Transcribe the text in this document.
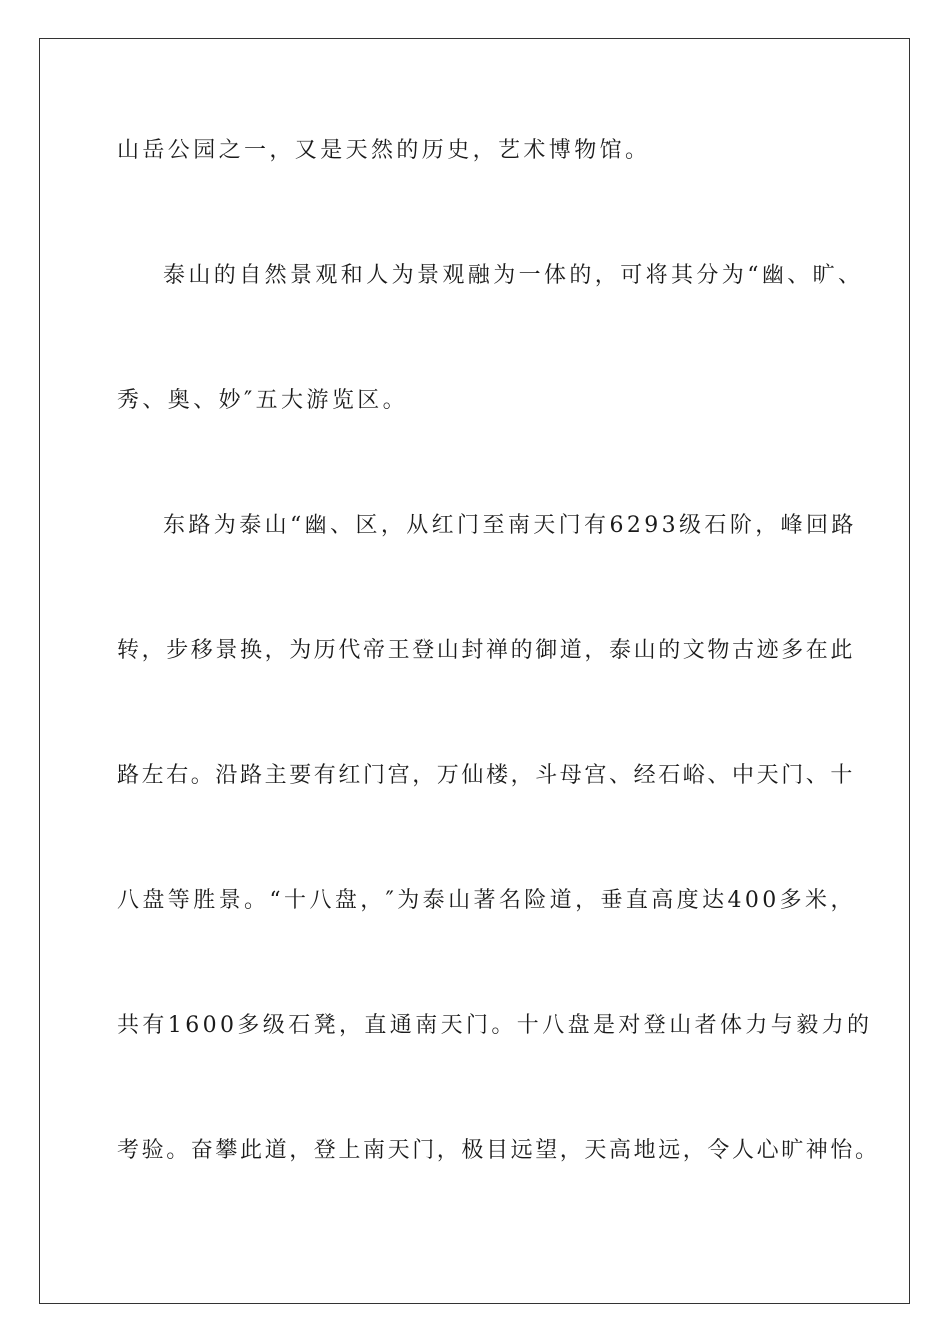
山岳公园之一，又是天然的历史，艺术博物馆。
泰山的自然景观和人为景观融为一体的，可将其分为“幽、旷、
秀、奥、妙″五大游览区。
东路为泰山“幽、区，从红门至南天门有6293级石阶，峰回路
转，步移景换，为历代帝王登山封禅的御道，泰山的文物古迹多在此
路左右。沿路主要有红门宫，万仙楼，斗母宫、经石峪、中天门、十
八盘等胜景。“十八盘，″为泰山著名险道，垂直高度达400多米，
共有1600多级石凳，直通南天门。十八盘是对登山者体力与毅力的
考验。奋攀此道，登上南天门，极目远望，天高地远，令人心旷神怡。
